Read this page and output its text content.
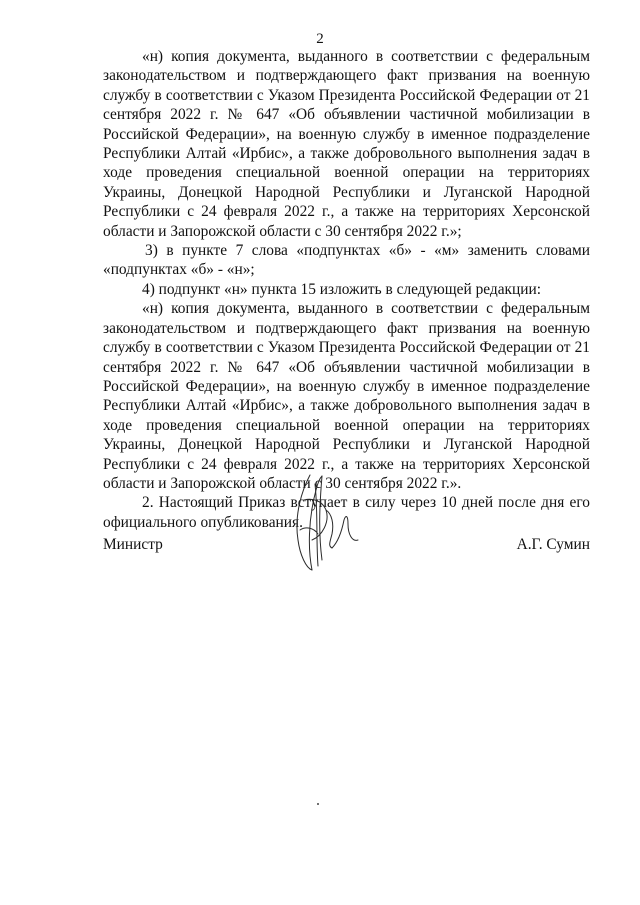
2

«н) копия документа, выданного в соответствии с федеральным законодательством и подтверждающего факт призвания на военную службу в соответствии с Указом Президента Российской Федерации от 21 сентября 2022 г. № 647 «Об объявлении частичной мобилизации в Российской Федерации», на военную службу в именное подразделение Республики Алтай «Ирбис», а также добровольного выполнения задач в ходе проведения специальной военной операции на территориях Украины, Донецкой Народной Республики и Луганской Народной Республики с 24 февраля 2022 г., а также на территориях Херсонской области и Запорожской области с 30 сентября 2022 г.»;

3) в пункте 7 слова «подпунктах «б» - «м» заменить словами «подпунктах «б» - «н»;

4) подпункт «н» пункта 15 изложить в следующей редакции:

«н) копия документа, выданного в соответствии с федеральным законодательством и подтверждающего факт призвания на военную службу в соответствии с Указом Президента Российской Федерации от 21 сентября 2022 г. № 647 «Об объявлении частичной мобилизации в Российской Федерации», на военную службу в именное подразделение Республики Алтай «Ирбис», а также добровольного выполнения задач в ходе проведения специальной военной операции на территориях Украины, Донецкой Народной Республики и Луганской Народной Республики с 24 февраля 2022 г., а также на территориях Херсонской области и Запорожской области с 30 сентября 2022 г.».

2. Настоящий Приказ вступает в силу через 10 дней после дня его официального опубликования.

Министр	А.Г. Сумин
